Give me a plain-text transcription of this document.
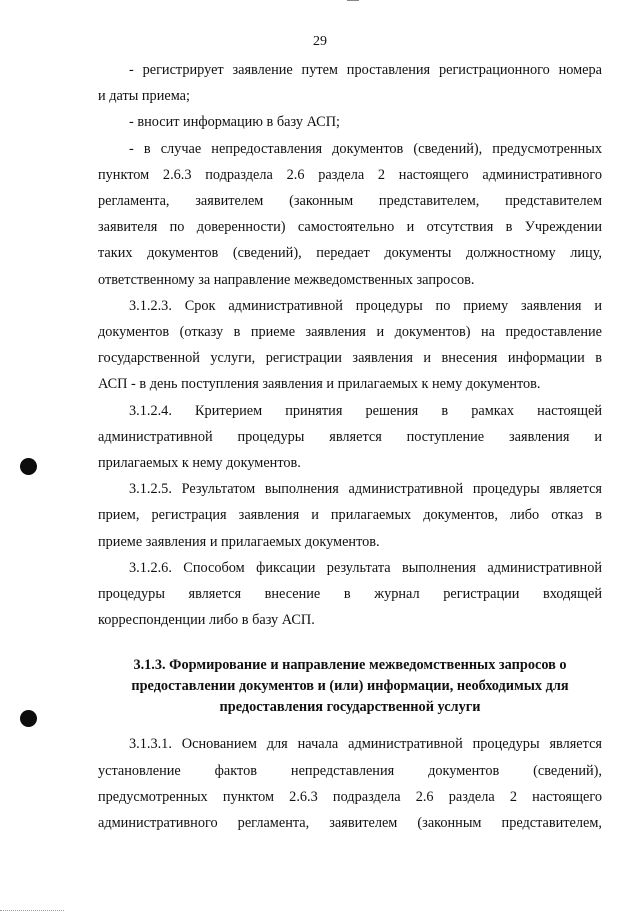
29
- регистрирует заявление путем проставления регистрационного номера
и даты приема;
- вносит информацию в базу АСП;
- в случае непредоставления документов (сведений), предусмотренных
пунктом 2.6.3 подраздела 2.6 раздела 2 настоящего административного
регламента, заявителем (законным представителем, представителем
заявителя по доверенности) самостоятельно и отсутствия в Учреждении
таких документов (сведений), передает документы должностному лицу,
ответственному за направление межведомственных запросов.
3.1.2.3. Срок административной процедуры по приему заявления и
документов (отказу в приеме заявления и документов) на предоставление
государственной услуги, регистрации заявления и внесения информации в
АСП - в день поступления заявления и прилагаемых к нему документов.
3.1.2.4. Критерием принятия решения в рамках настоящей
административной процедуры является поступление заявления и
прилагаемых к нему документов.
3.1.2.5. Результатом выполнения административной процедуры является
прием, регистрация заявления и прилагаемых документов, либо отказ в
приеме заявления и прилагаемых документов.
3.1.2.6. Способом фиксации результата выполнения административной
процедуры является внесение в журнал регистрации входящей
корреспонденции либо в базу АСП.
3.1.3. Формирование и направление межведомственных запросов о
предоставлении документов и (или) информации, необходимых для
предоставления государственной услуги
3.1.3.1. Основанием для начала административной процедуры является
установление фактов непредставления документов (сведений),
предусмотренных пунктом 2.6.3 подраздела 2.6 раздела 2 настоящего
административного регламента, заявителем (законным представителем,
